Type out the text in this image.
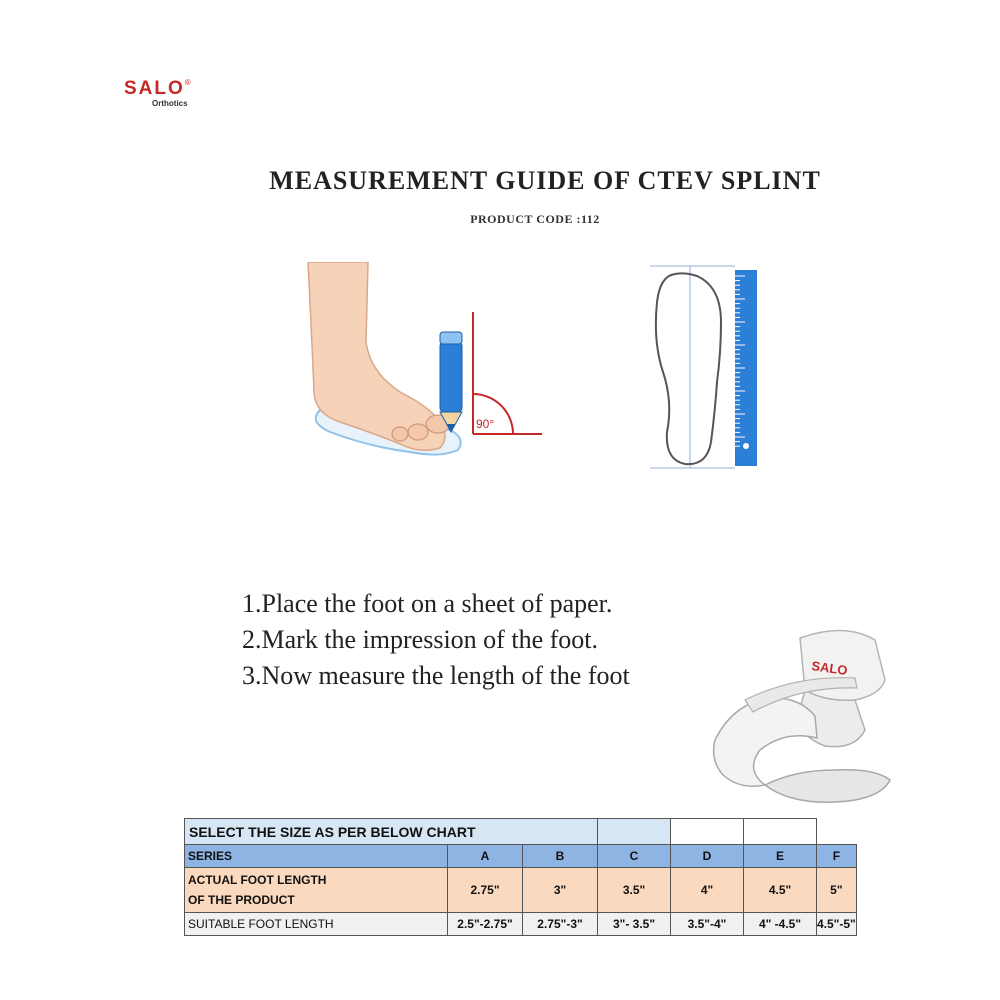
SALO®
Orthotics
MEASUREMENT GUIDE OF CTEV SPLINT
PRODUCT CODE :112
90°
1.Place the foot on a sheet of paper.
2.Mark the impression of the foot.
3.Now measure the length of the foot	SALO
SELECT THE SIZE AS PER BELOW CHART						
SERIES	A	B	C	D	E	F

ACTUAL FOOT LENGTH
OF THE PRODUCT	2.75"	3"	3.5"	4"	4.5"	5"
SUITABLE FOOT LENGTH	2.5"-2.75"	2.75"-3"	3"- 3.5"	3.5"-4"	4" -4.5"	4.5"-5"
